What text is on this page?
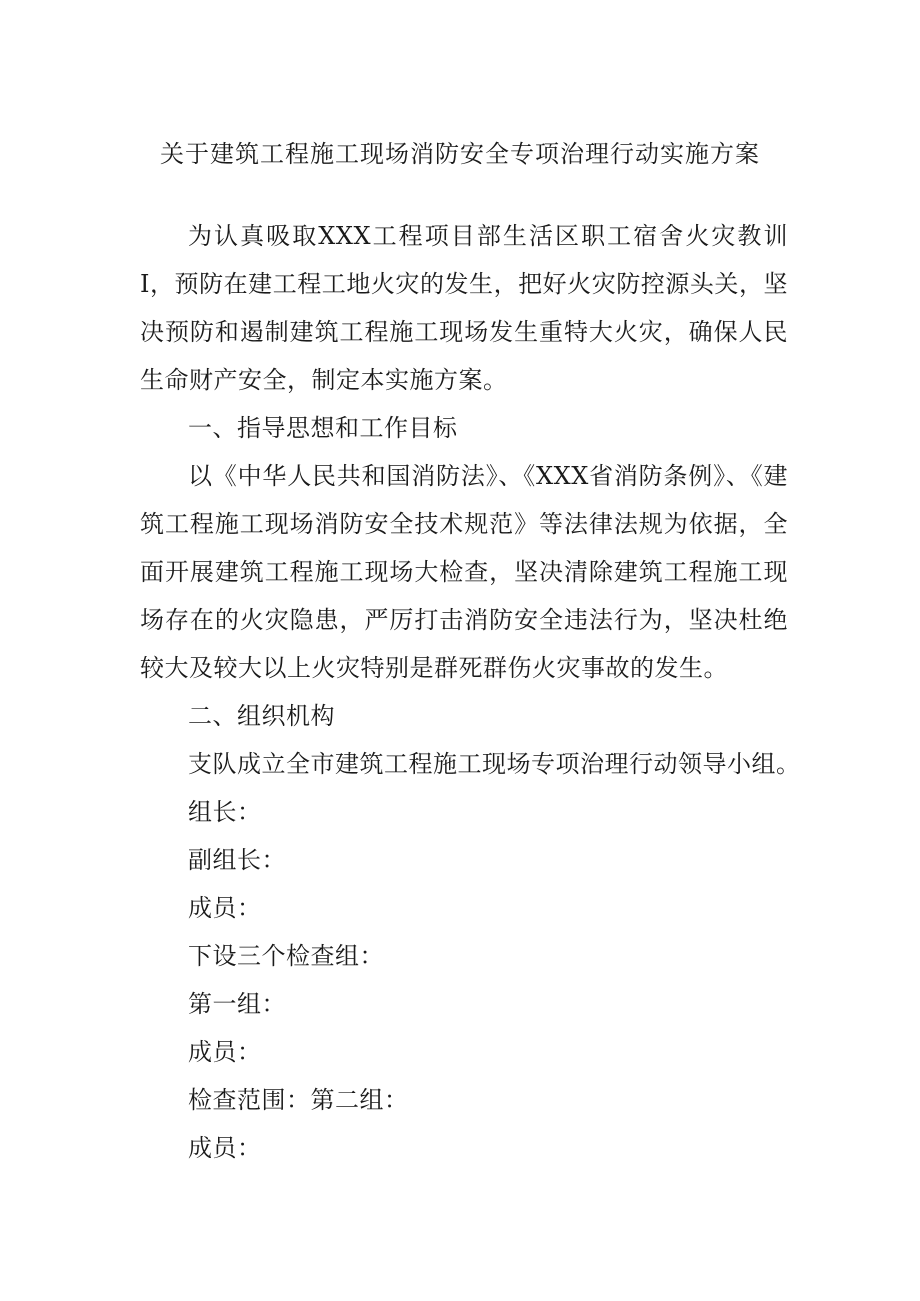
关于建筑工程施工现场消防安全专项治理行动实施方案

为认真吸取XXX工程项目部生活区职工宿舍火灾教训I，预防在建工程工地火灾的发生，把好火灾防控源头关，坚决预防和遏制建筑工程施工现场发生重特大火灾，确保人民生命财产安全，制定本实施方案。

一、指导思想和工作目标

以《中华人民共和国消防法》、《XXX省消防条例》、《建筑工程施工现场消防安全技术规范》等法律法规为依据，全面开展建筑工程施工现场大检查，坚决清除建筑工程施工现场存在的火灾隐患，严厉打击消防安全违法行为，坚决杜绝较大及较大以上火灾特别是群死群伤火灾事故的发生。

二、组织机构

支队成立全市建筑工程施工现场专项治理行动领导小组。

组长：

副组长：

成员：

下设三个检查组：

第一组：

成员：

检查范围：第二组：

成员：
